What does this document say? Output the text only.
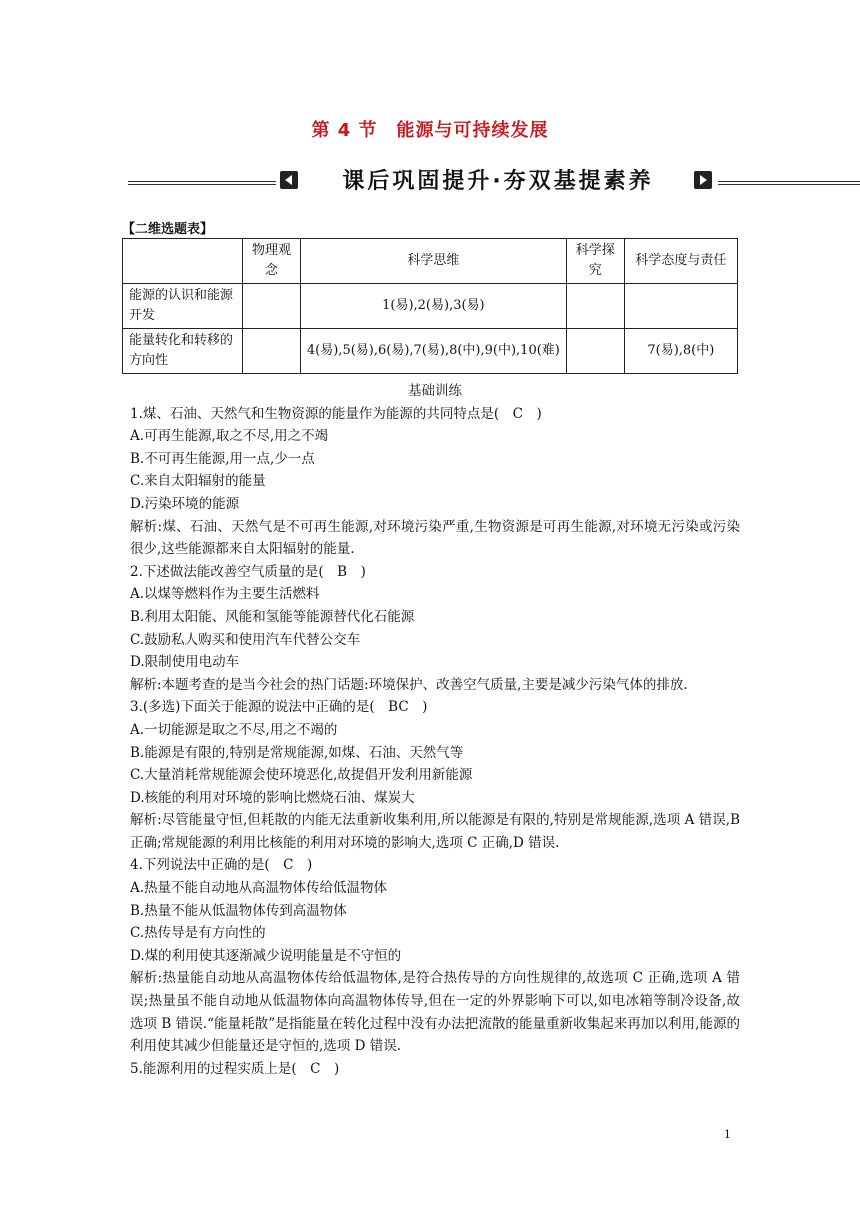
第 4 节　能源与可持续发展
课后巩固提升·夯双基提素养
【二维选题表】
	物理观念	科学思维	科学探究	科学态度与责任
能源的认识和能源开发		1(易),2(易),3(易)		
能量转化和转移的方向性		4(易),5(易),6(易),7(易),8(中),9(中),10(难)		7(易),8(中)

基础训练

1.煤、石油、天然气和生物资源的能量作为能源的共同特点是(　C　)

A.可再生能源,取之不尽,用之不竭

B.不可再生能源,用一点,少一点

C.来自太阳辐射的能量

D.污染环境的能源

解析:煤、石油、天然气是不可再生能源,对环境污染严重,生物资源是可再生能源,对环境无污染或污染很少,这些能源都来自太阳辐射的能量.

2.下述做法能改善空气质量的是(　B　)

A.以煤等燃料作为主要生活燃料

B.利用太阳能、风能和氢能等能源替代化石能源

C.鼓励私人购买和使用汽车代替公交车

D.限制使用电动车

解析:本题考查的是当今社会的热门话题:环境保护、改善空气质量,主要是减少污染气体的排放.

3.(多选)下面关于能源的说法中正确的是(　BC　)

A.一切能源是取之不尽,用之不竭的

B.能源是有限的,特别是常规能源,如煤、石油、天然气等

C.大量消耗常规能源会使环境恶化,故提倡开发利用新能源

D.核能的利用对环境的影响比燃烧石油、煤炭大

解析:尽管能量守恒,但耗散的内能无法重新收集利用,所以能源是有限的,特别是常规能源,选项 A 错误,B 正确;常规能源的利用比核能的利用对环境的影响大,选项 C 正确,D 错误.

4.下列说法中正确的是(　C　)

A.热量不能自动地从高温物体传给低温物体

B.热量不能从低温物体传到高温物体

C.热传导是有方向性的

D.煤的利用使其逐渐减少说明能量是不守恒的

解析:热量能自动地从高温物体传给低温物体,是符合热传导的方向性规律的,故选项 C 正确,选项 A 错误;热量虽不能自动地从低温物体向高温物体传导,但在一定的外界影响下可以,如电冰箱等制冷设备,故选项 B 错误.“能量耗散”是指能量在转化过程中没有办法把流散的能量重新收集起来再加以利用,能源的利用使其减少但能量还是守恒的,选项 D 错误.

5.能源利用的过程实质上是(　C　)

1
